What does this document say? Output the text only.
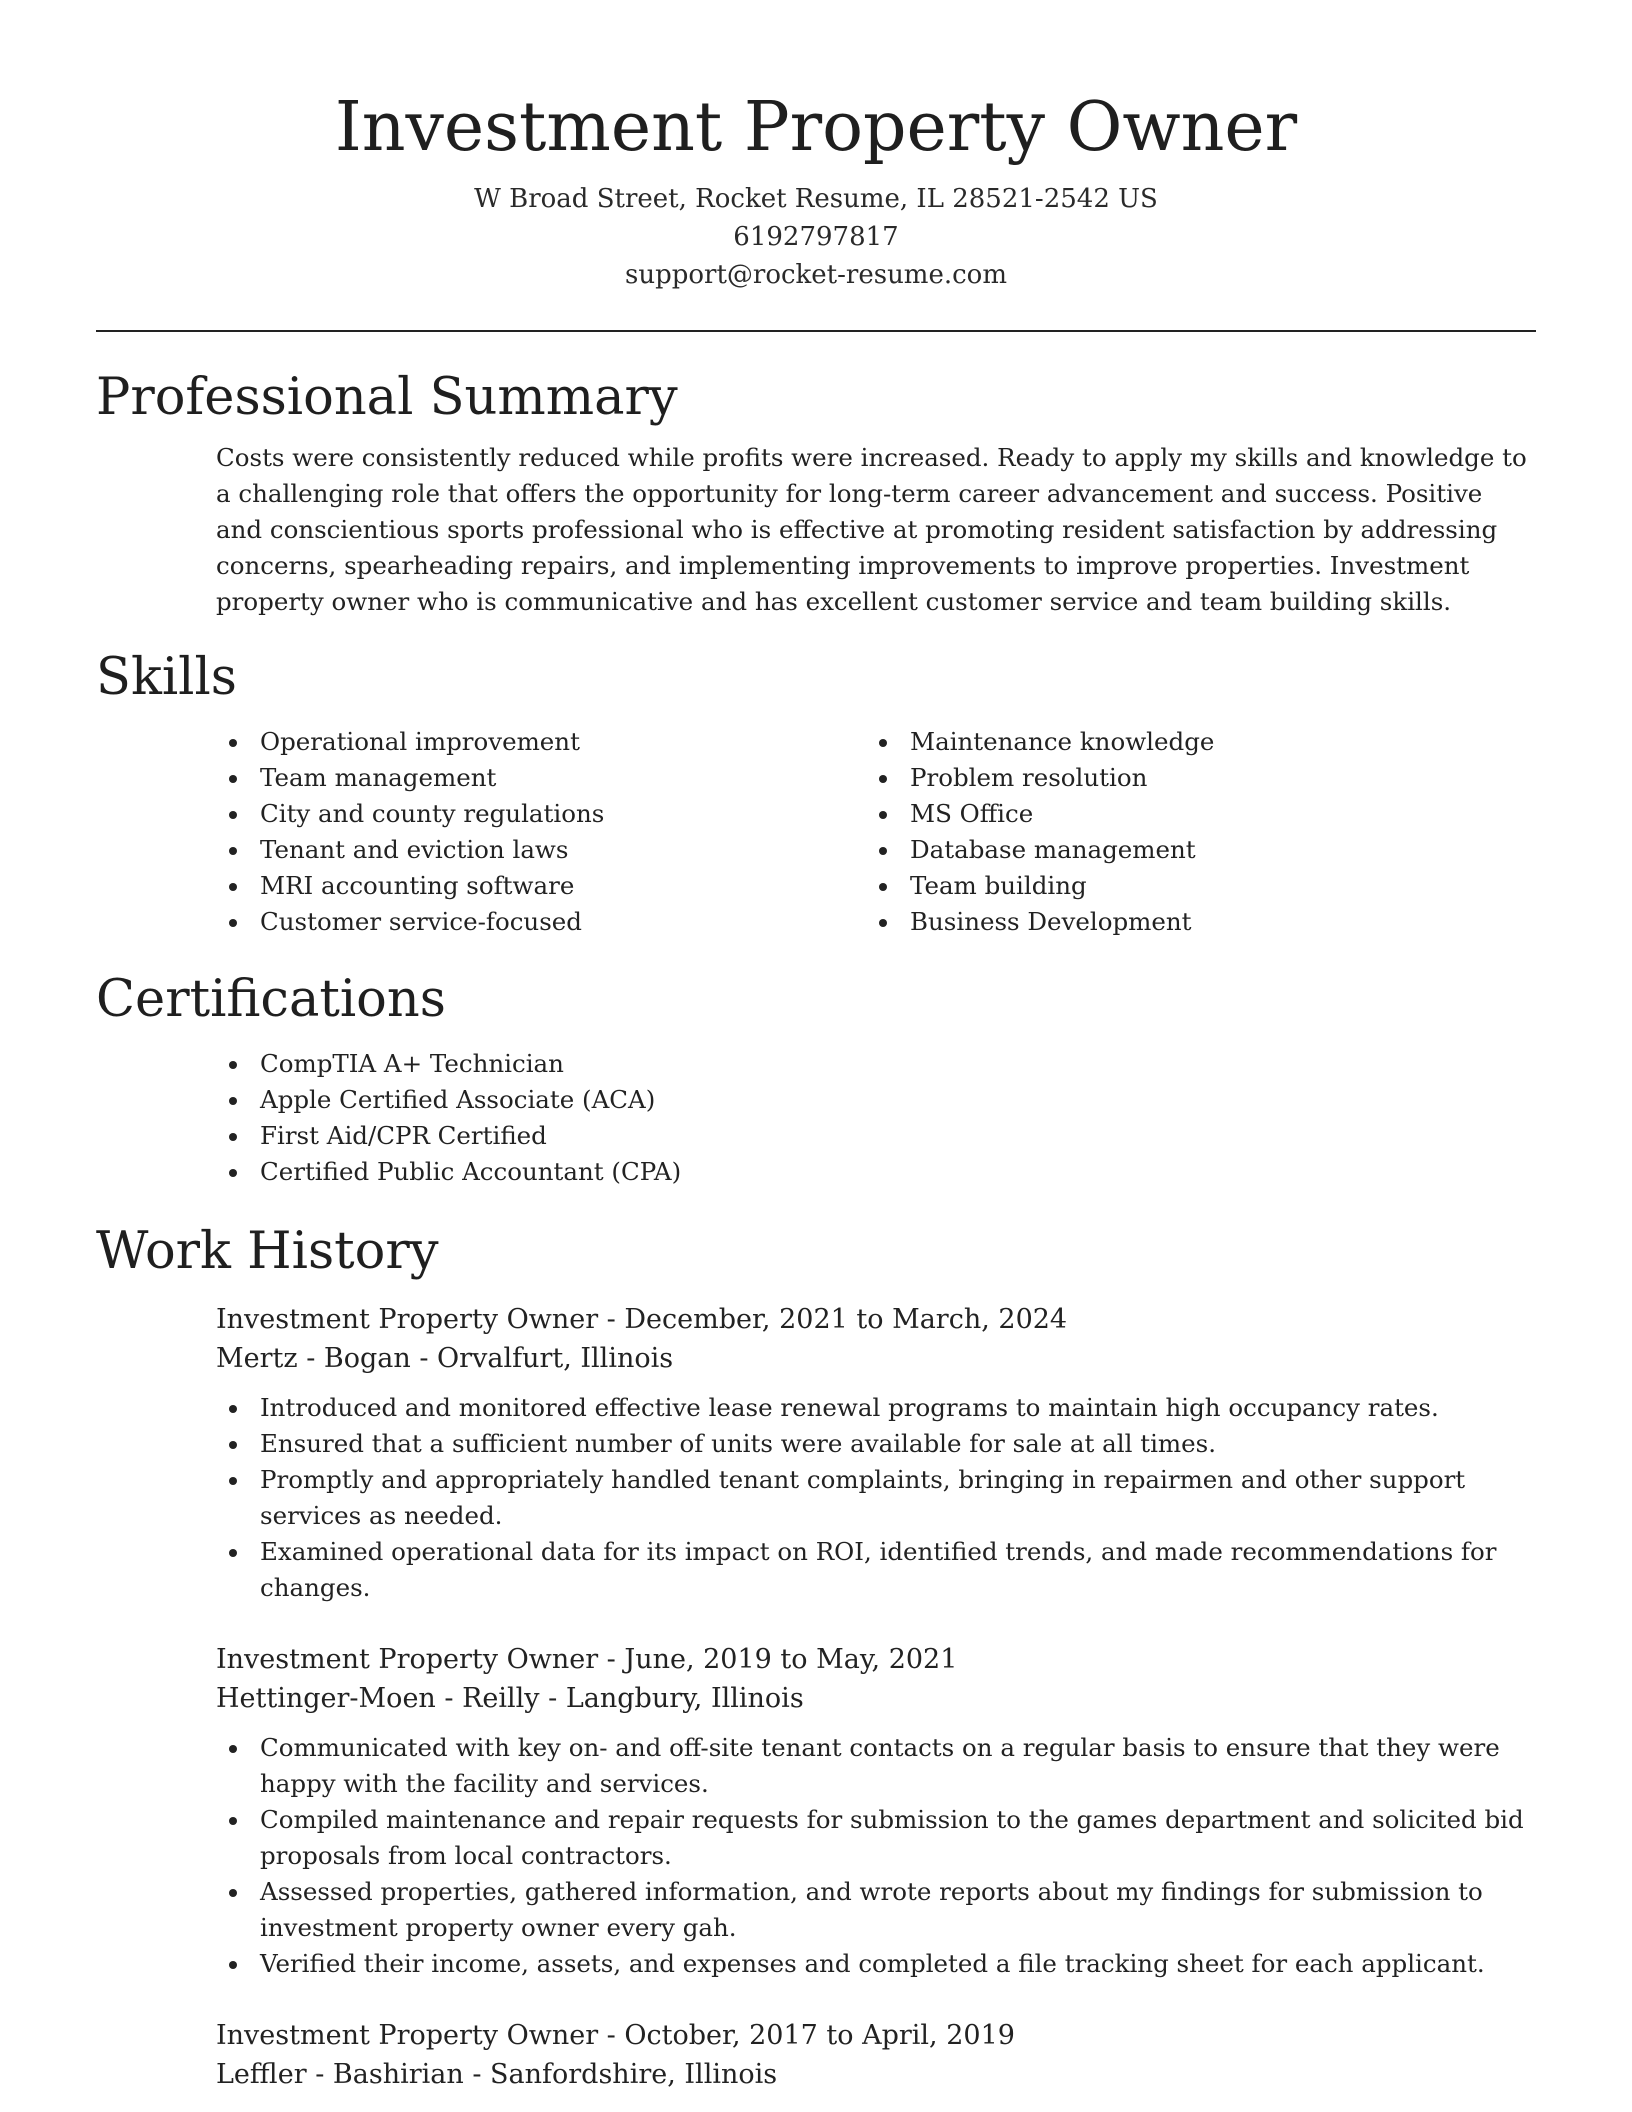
Investment Property Owner
W Broad Street, Rocket Resume, IL 28521-2542 US
6192797817
support@rocket-resume.com
Professional Summary

Costs were consistently reduced while profits were increased. Ready to apply my skills and knowledge to a challenging role that offers the opportunity for long-term career advancement and success. Positive and conscientious sports professional who is effective at promoting resident satisfaction by addressing concerns, spearheading repairs, and implementing improvements to improve properties. Investment property owner who is communicative and has excellent customer service and team building skills.

Skills
Operational improvement
Team management
City and county regulations
Tenant and eviction laws
MRI accounting software
Customer service-focused
Maintenance knowledge
Problem resolution
MS Office
Database management
Team building
Business Development
Certifications
CompTIA A+ Technician
Apple Certified Associate (ACA)
First Aid/CPR Certified
Certified Public Accountant (CPA)
Work History
Investment Property Owner - December, 2021 to March, 2024
Mertz - Bogan - Orvalfurt, Illinois
Introduced and monitored effective lease renewal programs to maintain high occupancy rates.
Ensured that a sufficient number of units were available for sale at all times.
Promptly and appropriately handled tenant complaints, bringing in repairmen and other support services as needed.
Examined operational data for its impact on ROI, identified trends, and made recommendations for changes.
Investment Property Owner - June, 2019 to May, 2021
Hettinger-Moen - Reilly - Langbury, Illinois
Communicated with key on- and off-site tenant contacts on a regular basis to ensure that they were happy with the facility and services.
Compiled maintenance and repair requests for submission to the games department and solicited bid proposals from local contractors.
Assessed properties, gathered information, and wrote reports about my findings for submission to investment property owner every gah.
Verified their income, assets, and expenses and completed a file tracking sheet for each applicant.
Investment Property Owner - October, 2017 to April, 2019
Leffler - Bashirian - Sanfordshire, Illinois
